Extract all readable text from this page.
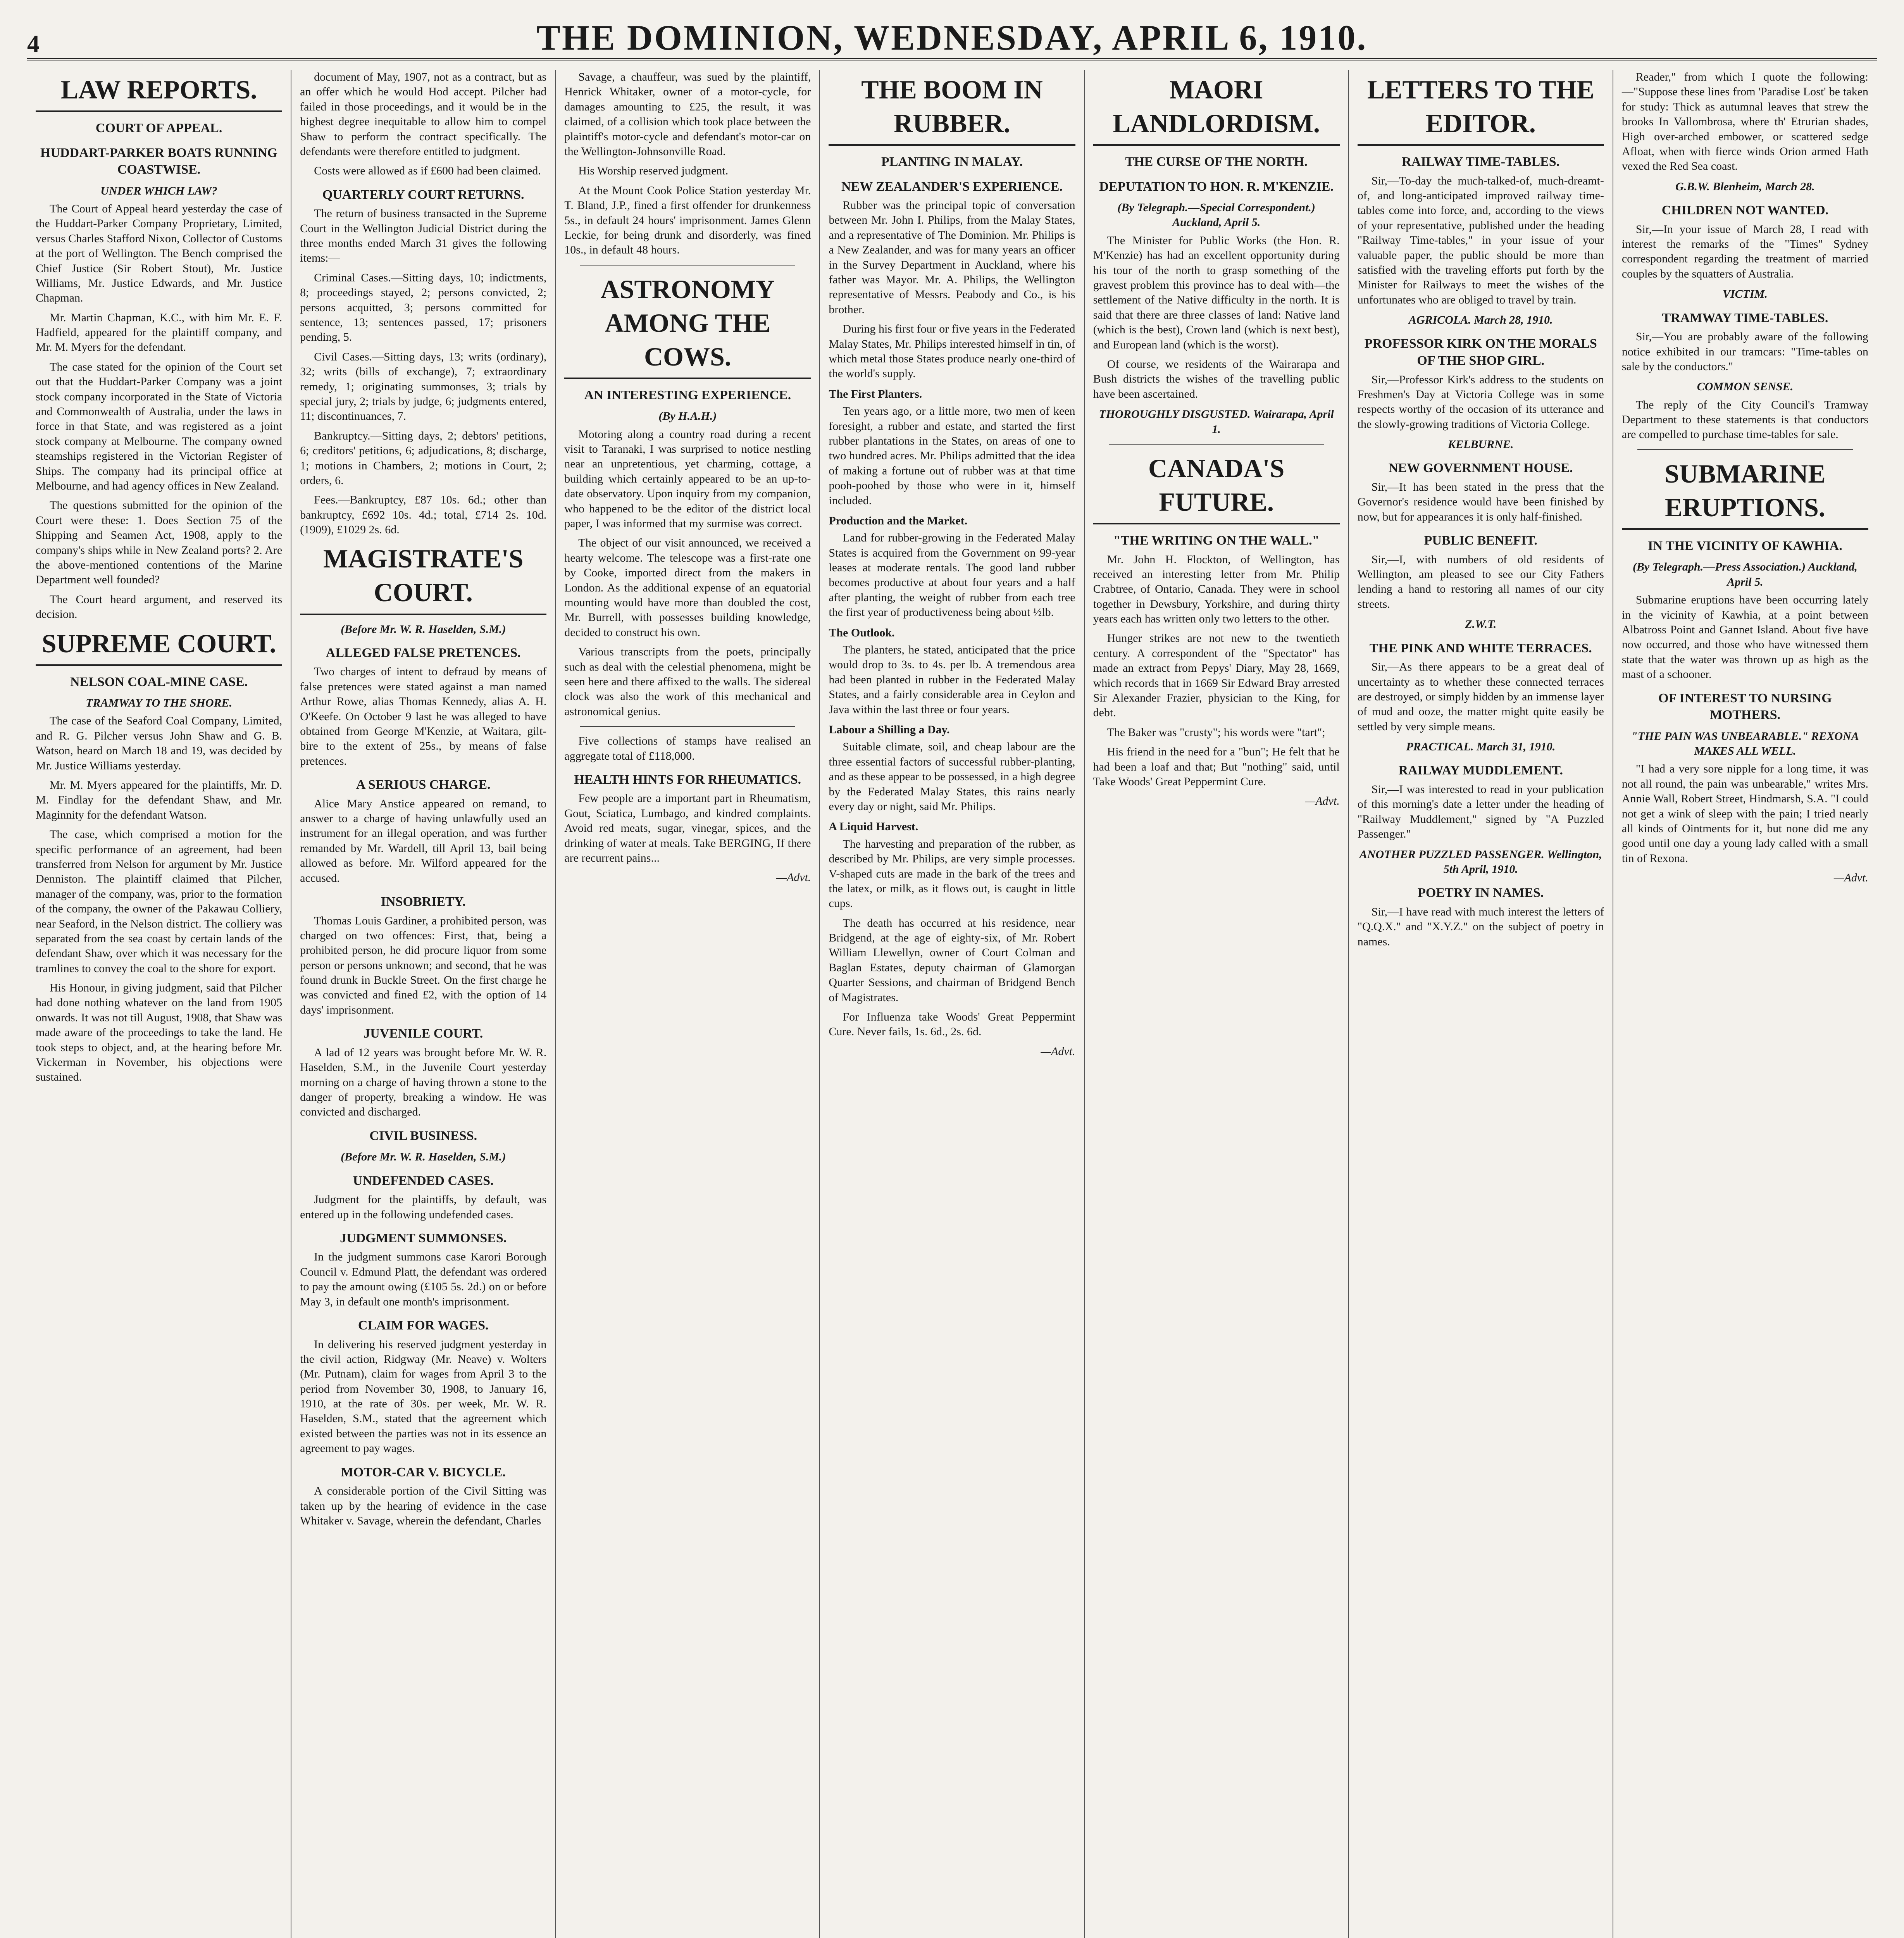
4	THE DOMINION, WEDNESDAY, APRIL 6, 1910.
LAW REPORTS.
COURT OF APPEAL.
HUDDART-PARKER BOATS RUNNING COASTWISE.
UNDER WHICH LAW?

The Court of Appeal heard yesterday the case of the Huddart-Parker Company Proprietary, Limited, versus Charles Stafford Nixon, Collector of Customs at the port of Wellington. The Bench comprised the Chief Justice (Sir Robert Stout), Mr. Justice Williams, Mr. Justice Edwards, and Mr. Justice Chapman.

Mr. Martin Chapman, K.C., with him Mr. E. F. Hadfield, appeared for the plaintiff company, and Mr. M. Myers for the defendant.

The case stated for the opinion of the Court set out that the Huddart-Parker Company was a joint stock company incorporated in the State of Victoria and Commonwealth of Australia, under the laws in force in that State, and was registered as a joint stock company at Melbourne. The company owned steamships registered in the Victorian Register of Ships. The company had its principal office at Melbourne, and had agency offices in New Zealand.

The questions submitted for the opinion of the Court were these: 1. Does Section 75 of the Shipping and Seamen Act, 1908, apply to the company's ships while in New Zealand ports? 2. Are the above-mentioned contentions of the Marine Department well founded?

The Court heard argument, and reserved its decision.

SUPREME COURT.
NELSON COAL-MINE CASE.
TRAMWAY TO THE SHORE.

The case of the Seaford Coal Company, Limited, and R. G. Pilcher versus John Shaw and G. B. Watson, heard on March 18 and 19, was decided by Mr. Justice Williams yesterday.

Mr. M. Myers appeared for the plaintiffs, Mr. D. M. Findlay for the defendant Shaw, and Mr. Maginnity for the defendant Watson.

The case, which comprised a motion for the specific performance of an agreement, had been transferred from Nelson for argument by Mr. Justice Denniston. The plaintiff claimed that Pilcher, manager of the company, was, prior to the formation of the company, the owner of the Pakawau Colliery, near Seaford, in the Nelson district. The colliery was separated from the sea coast by certain lands of the defendant Shaw, over which it was necessary for the tramlines to convey the coal to the shore for export.

His Honour, in giving judgment, said that Pilcher had done nothing whatever on the land from 1905 onwards. It was not till August, 1908, that Shaw was made aware of the proceedings to take the land. He took steps to object, and, at the hearing before Mr. Vickerman in November, his objections were sustained.

document of May, 1907, not as a contract, but as an offer which he would Hod accept. Pilcher had failed in those proceedings, and it would be in the highest degree inequitable to allow him to compel Shaw to perform the contract specifically. The defendants were therefore entitled to judgment.

Costs were allowed as if £600 had been claimed.

QUARTERLY COURT RETURNS.

The return of business transacted in the Supreme Court in the Wellington Judicial District during the three months ended March 31 gives the following items:—

Criminal Cases.—Sitting days, 10; indictments, 8; proceedings stayed, 2; persons convicted, 2; persons acquitted, 3; persons committed for sentence, 13; sentences passed, 17; prisoners pending, 5.

Civil Cases.—Sitting days, 13; writs (ordinary), 32; writs (bills of exchange), 7; extraordinary remedy, 1; originating summonses, 3; trials by special jury, 2; trials by judge, 6; judgments entered, 11; discontinuances, 7.

Bankruptcy.—Sitting days, 2; debtors' petitions, 6; creditors' petitions, 6; adjudications, 8; discharge, 1; motions in Chambers, 2; motions in Court, 2; orders, 6.

Fees.—Bankruptcy, £87 10s. 6d.; other than bankruptcy, £692 10s. 4d.; total, £714 2s. 10d. (1909), £1029 2s. 6d.

MAGISTRATE'S COURT.
(Before Mr. W. R. Haselden, S.M.)
ALLEGED FALSE PRETENCES.

Two charges of intent to defraud by means of false pretences were stated against a man named Arthur Rowe, alias Thomas Kennedy, alias A. H. O'Keefe. On October 9 last he was alleged to have obtained from George M'Kenzie, at Waitara, gilt-bire to the extent of 25s., by means of false pretences.

A SERIOUS CHARGE.

Alice Mary Anstice appeared on remand, to answer to a charge of having unlawfully used an instrument for an illegal operation, and was further remanded by Mr. Wardell, till April 13, bail being allowed as before. Mr. Wilford appeared for the accused.

INSOBRIETY.

Thomas Louis Gardiner, a prohibited person, was charged on two offences: First, that, being a prohibited person, he did procure liquor from some person or persons unknown; and second, that he was found drunk in Buckle Street. On the first charge he was convicted and fined £2, with the option of 14 days' imprisonment.

JUVENILE COURT.

A lad of 12 years was brought before Mr. W. R. Haselden, S.M., in the Juvenile Court yesterday morning on a charge of having thrown a stone to the danger of property, breaking a window. He was convicted and discharged.

CIVIL BUSINESS.
(Before Mr. W. R. Haselden, S.M.)
UNDEFENDED CASES.

Judgment for the plaintiffs, by default, was entered up in the following undefended cases.

JUDGMENT SUMMONSES.

In the judgment summons case Karori Borough Council v. Edmund Platt, the defendant was ordered to pay the amount owing (£105 5s. 2d.) on or before May 3, in default one month's imprisonment.

CLAIM FOR WAGES.

In delivering his reserved judgment yesterday in the civil action, Ridgway (Mr. Neave) v. Wolters (Mr. Putnam), claim for wages from April 3 to the period from November 30, 1908, to January 16, 1910, at the rate of 30s. per week, Mr. W. R. Haselden, S.M., stated that the agreement which existed between the parties was not in its essence an agreement to pay wages.

MOTOR-CAR V. BICYCLE.

A considerable portion of the Civil Sitting was taken up by the hearing of evidence in the case Whitaker v. Savage, wherein the defendant, Charles

Savage, a chauffeur, was sued by the plaintiff, Henrick Whitaker, owner of a motor-cycle, for damages amounting to £25, the result, it was claimed, of a collision which took place between the plaintiff's motor-cycle and defendant's motor-car on the Wellington-Johnsonville Road.

His Worship reserved judgment.

At the Mount Cook Police Station yesterday Mr. T. Bland, J.P., fined a first offender for drunkenness 5s., in default 24 hours' imprisonment. James Glenn Leckie, for being drunk and disorderly, was fined 10s., in default 48 hours.

ASTRONOMY AMONG THE COWS.
AN INTERESTING EXPERIENCE.
(By H.A.H.)

Motoring along a country road during a recent visit to Taranaki, I was surprised to notice nestling near an unpretentious, yet charming, cottage, a building which certainly appeared to be an up-to-date observatory. Upon inquiry from my companion, who happened to be the editor of the district local paper, I was informed that my surmise was correct.

The object of our visit announced, we received a hearty welcome. The telescope was a first-rate one by Cooke, imported direct from the makers in London. As the additional expense of an equatorial mounting would have more than doubled the cost, Mr. Burrell, with possesses building knowledge, decided to construct his own.

Various transcripts from the poets, principally such as deal with the celestial phenomena, might be seen here and there affixed to the walls. The sidereal clock was also the work of this mechanical and astronomical genius.

Five collections of stamps have realised an aggregate total of £118,000.

HEALTH HINTS FOR RHEUMATICS.

Few people are a important part in Rheumatism, Gout, Sciatica, Lumbago, and kindred complaints. Avoid red meats, sugar, vinegar, spices, and the drinking of water at meals. Take BERGING, If there are recurrent pains...

—Advt.
THE BOOM IN RUBBER.
PLANTING IN MALAY.
NEW ZEALANDER'S EXPERIENCE.

Rubber was the principal topic of conversation between Mr. John I. Philips, from the Malay States, and a representative of The Dominion. Mr. Philips is a New Zealander, and was for many years an officer in the Survey Department in Auckland, where his father was Mayor. Mr. A. Philips, the Wellington representative of Messrs. Peabody and Co., is his brother.

During his first four or five years in the Federated Malay States, Mr. Philips interested himself in tin, of which metal those States produce nearly one-third of the world's supply.

The First Planters.

Ten years ago, or a little more, two men of keen foresight, a rubber and estate, and started the first rubber plantations in the States, on areas of one to two hundred acres. Mr. Philips admitted that the idea of making a fortune out of rubber was at that time pooh-poohed by those who were in it, himself included.

Production and the Market.

Land for rubber-growing in the Federated Malay States is acquired from the Government on 99-year leases at moderate rentals. The good land rubber becomes productive at about four years and a half after planting, the weight of rubber from each tree the first year of productiveness being about ½lb.

The Outlook.

The planters, he stated, anticipated that the price would drop to 3s. to 4s. per lb. A tremendous area had been planted in rubber in the Federated Malay States, and a fairly considerable area in Ceylon and Java within the last three or four years.

Labour a Shilling a Day.

Suitable climate, soil, and cheap labour are the three essential factors of successful rubber-planting, and as these appear to be possessed, in a high degree by the Federated Malay States, this rains nearly every day or night, said Mr. Philips.

A Liquid Harvest.

The harvesting and preparation of the rubber, as described by Mr. Philips, are very simple processes. V-shaped cuts are made in the bark of the trees and the latex, or milk, as it flows out, is caught in little cups.

The death has occurred at his residence, near Bridgend, at the age of eighty-six, of Mr. Robert William Llewellyn, owner of Court Colman and Baglan Estates, deputy chairman of Glamorgan Quarter Sessions, and chairman of Bridgend Bench of Magistrates.

For Influenza take Woods' Great Peppermint Cure. Never fails, 1s. 6d., 2s. 6d.

—Advt.
MAORI LANDLORDISM.
THE CURSE OF THE NORTH.
DEPUTATION TO HON. R. M'KENZIE.
(By Telegraph.—Special Correspondent.) Auckland, April 5.

The Minister for Public Works (the Hon. R. M'Kenzie) has had an excellent opportunity during his tour of the north to grasp something of the gravest problem this province has to deal with—the settlement of the Native difficulty in the north. It is said that there are three classes of land: Native land (which is the best), Crown land (which is next best), and European land (which is the worst).

Of course, we residents of the Wairarapa and Bush districts the wishes of the travelling public have been ascertained.

THOROUGHLY DISGUSTED. Wairarapa, April 1.
CANADA'S FUTURE.
"THE WRITING ON THE WALL."

Mr. John H. Flockton, of Wellington, has received an interesting letter from Mr. Philip Crabtree, of Ontario, Canada. They were in school together in Dewsbury, Yorkshire, and during thirty years each has written only two letters to the other.

Hunger strikes are not new to the twentieth century. A correspondent of the "Spectator" has made an extract from Pepys' Diary, May 28, 1669, which records that in 1669 Sir Edward Bray arrested Sir Alexander Frazier, physician to the King, for debt.

The Baker was "crusty"; his words were "tart";

His friend in the need for a "bun"; He felt that he had been a loaf and that; But "nothing" said, until Take Woods' Great Peppermint Cure.

—Advt.
LETTERS TO THE EDITOR.
RAILWAY TIME-TABLES.

Sir,—To-day the much-talked-of, much-dreamt-of, and long-anticipated improved railway time-tables come into force, and, according to the views of your representative, published under the heading "Railway Time-tables," in your issue of your valuable paper, the public should be more than satisfied with the traveling efforts put forth by the Minister for Railways to meet the wishes of the unfortunates who are obliged to travel by train.

AGRICOLA. March 28, 1910.
PROFESSOR KIRK ON THE MORALS OF THE SHOP GIRL.

Sir,—Professor Kirk's address to the students on Freshmen's Day at Victoria College was in some respects worthy of the occasion of its utterance and the slowly-growing traditions of Victoria College.

KELBURNE.
NEW GOVERNMENT HOUSE.

Sir,—It has been stated in the press that the Governor's residence would have been finished by now, but for appearances it is only half-finished.

PUBLIC BENEFIT.

Sir,—I, with numbers of old residents of Wellington, am pleased to see our City Fathers lending a hand to restoring all names of our city streets.

Z.W.T.
THE PINK AND WHITE TERRACES.

Sir,—As there appears to be a great deal of uncertainty as to whether these connected terraces are destroyed, or simply hidden by an immense layer of mud and ooze, the matter might quite easily be settled by very simple means.

PRACTICAL. March 31, 1910.
RAILWAY MUDDLEMENT.

Sir,—I was interested to read in your publication of this morning's date a letter under the heading of "Railway Muddlement," signed by "A Puzzled Passenger."

ANOTHER PUZZLED PASSENGER. Wellington, 5th April, 1910.
POETRY IN NAMES.

Sir,—I have read with much interest the letters of "Q.Q.X." and "X.Y.Z." on the subject of poetry in names.

Reader," from which I quote the following:—"Suppose these lines from 'Paradise Lost' be taken for study: Thick as autumnal leaves that strew the brooks In Vallombrosa, where th' Etrurian shades, High over-arched embower, or scattered sedge Afloat, when with fierce winds Orion armed Hath vexed the Red Sea coast.

G.B.W. Blenheim, March 28.
CHILDREN NOT WANTED.

Sir,—In your issue of March 28, I read with interest the remarks of the "Times" Sydney correspondent regarding the treatment of married couples by the squatters of Australia.

VICTIM.
TRAMWAY TIME-TABLES.

Sir,—You are probably aware of the following notice exhibited in our tramcars: "Time-tables on sale by the conductors."

COMMON SENSE.

The reply of the City Council's Tramway Department to these statements is that conductors are compelled to purchase time-tables for sale.

SUBMARINE ERUPTIONS.
IN THE VICINITY OF KAWHIA.
(By Telegraph.—Press Association.) Auckland, April 5.

Submarine eruptions have been occurring lately in the vicinity of Kawhia, at a point between Albatross Point and Gannet Island. About five have now occurred, and those who have witnessed them state that the water was thrown up as high as the mast of a schooner.

OF INTEREST TO NURSING MOTHERS.
"THE PAIN WAS UNBEARABLE." REXONA MAKES ALL WELL.

"I had a very sore nipple for a long time, it was not all round, the pain was unbearable," writes Mrs. Annie Wall, Robert Street, Hindmarsh, S.A. "I could not get a wink of sleep with the pain; I tried nearly all kinds of Ointments for it, but none did me any good until one day a young lady called with a small tin of Rexona.

—Advt.
